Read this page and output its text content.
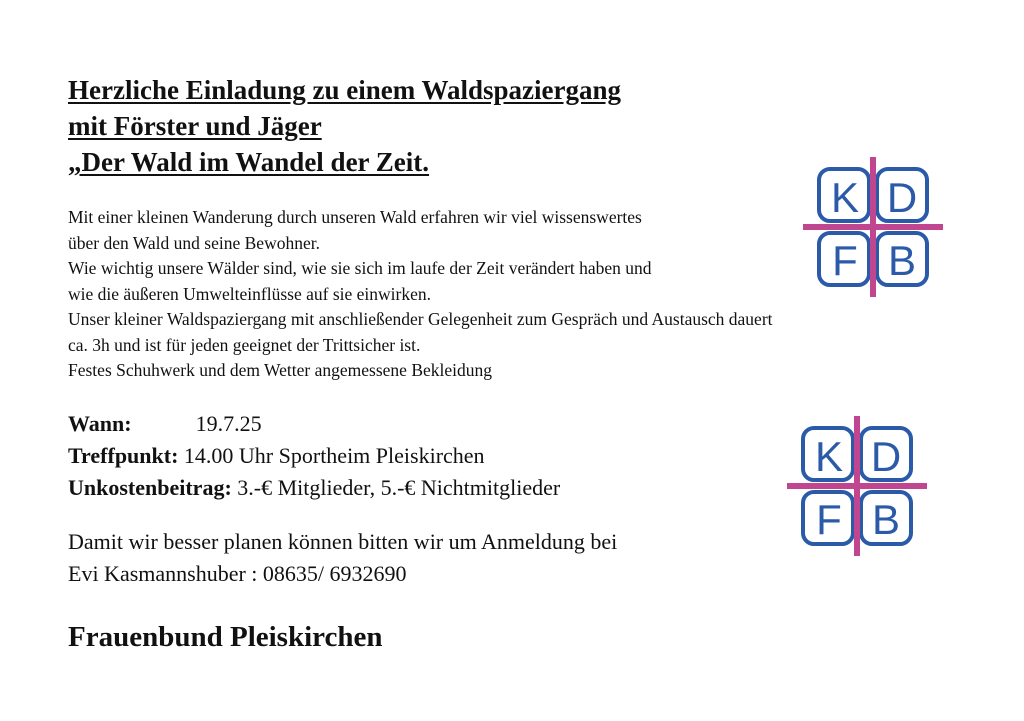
Herzliche Einladung zu einem Waldspaziergang
mit Förster und Jäger
„Der Wald im Wandel der Zeit.
Mit einer kleinen Wanderung durch unseren Wald erfahren wir viel wissenswertes
über den Wald und seine Bewohner.
Wie wichtig unsere Wälder sind, wie sie sich im laufe der Zeit verändert haben und
wie die äußeren Umwelteinflüsse auf sie einwirken.
Unser kleiner Waldspaziergang mit anschließender Gelegenheit zum Gespräch und Austausch dauert
ca. 3h und ist für jeden geeignet der Trittsicher ist.
Festes Schuhwerk und dem Wetter angemessene Bekleidung
Wann:	19.7.25
Treffpunkt: 14.00 Uhr Sportheim Pleiskirchen
Unkostenbeitrag: 3.-€ Mitglieder, 5.-€ Nichtmitglieder
Damit wir besser planen können bitten wir um Anmeldung bei
Evi Kasmannshuber : 08635/ 6932690
Frauenbund Pleiskirchen
K D
F B
K D
F B
